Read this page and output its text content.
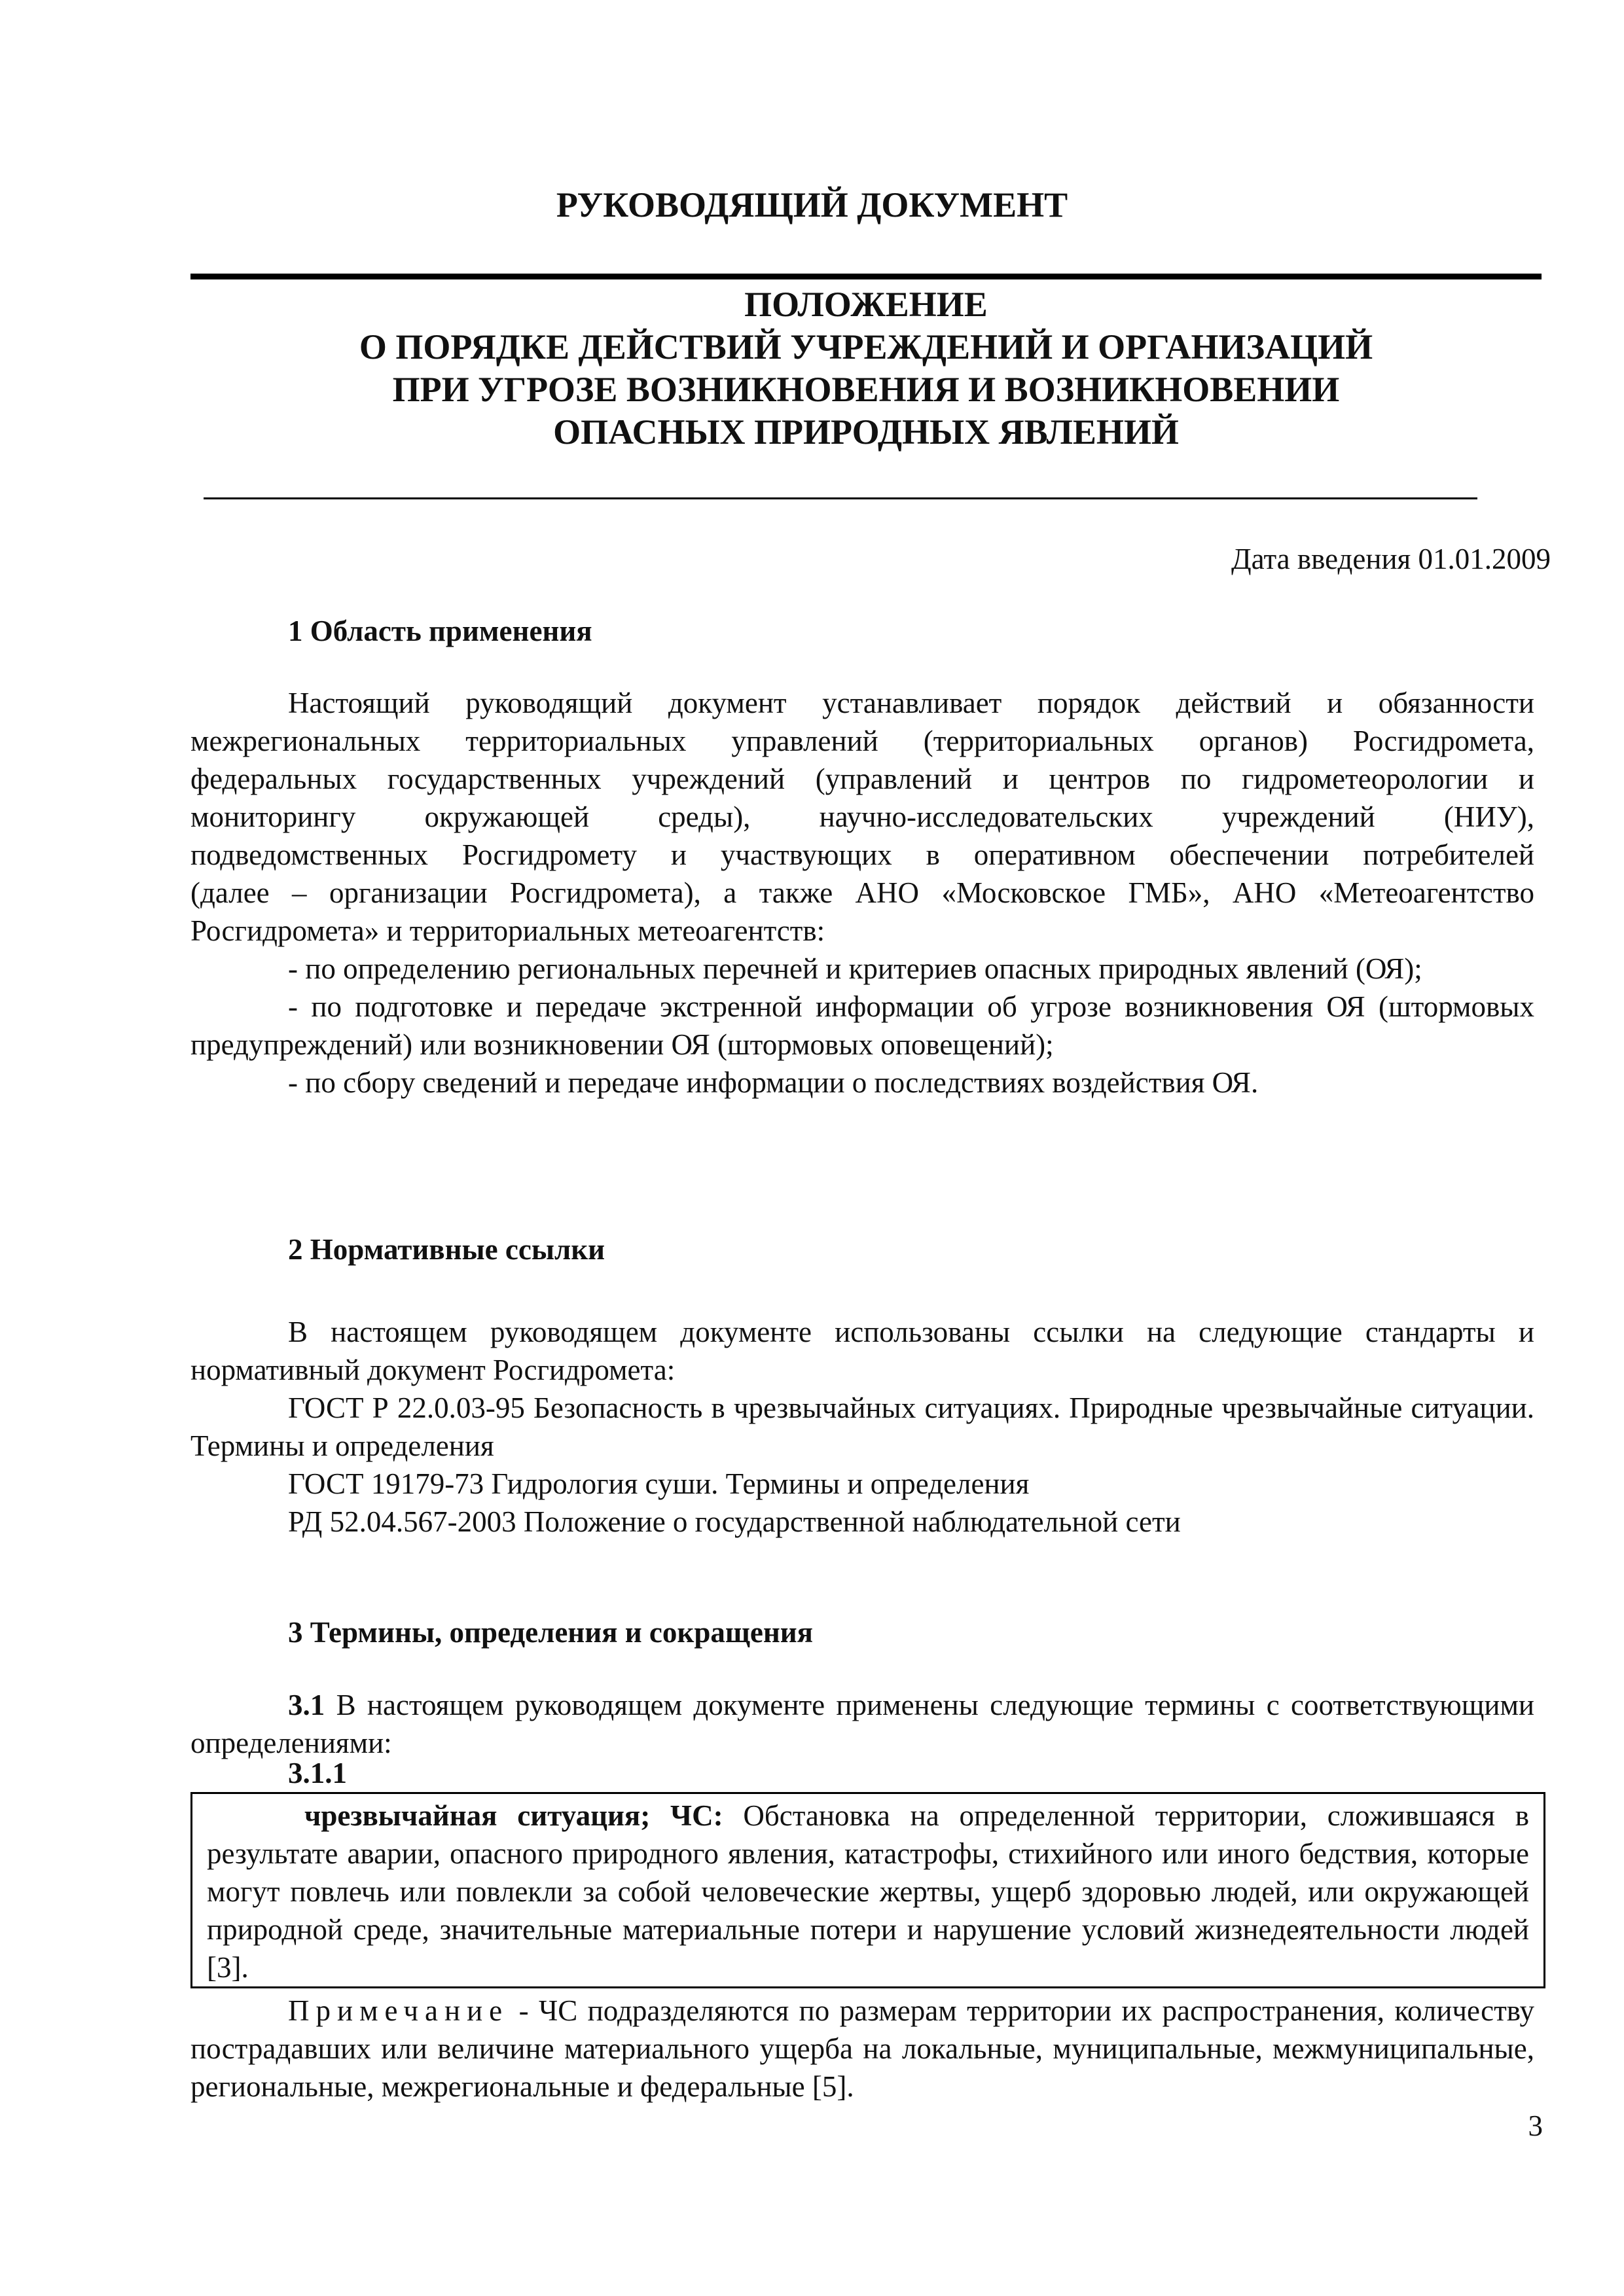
РУКОВОДЯЩИЙ ДОКУМЕНТ
ПОЛОЖЕНИЕ
О ПОРЯДКЕ ДЕЙСТВИЙ УЧРЕЖДЕНИЙ И ОРГАНИЗАЦИЙ
ПРИ УГРОЗЕ ВОЗНИКНОВЕНИЯ И ВОЗНИКНОВЕНИИ
ОПАСНЫХ ПРИРОДНЫХ ЯВЛЕНИЙ
Дата введения 01.01.2009
1 Область применения

Настоящий руководящий документ устанавливает порядок действий и обязанности

межрегиональных территориальных управлений (территориальных органов) Росгидромета,

федеральных государственных учреждений (управлений и центров по гидрометеорологии и

мониторингу окружающей среды), научно-исследовательских учреждений (НИУ),

подведомственных Росгидромету и участвующих в оперативном обеспечении потребителей

(далее – организации Росгидромета), а также АНО «Московское ГМБ», АНО «Метеоагентство

Росгидромета» и территориальных метеоагентств:

- по определению региональных перечней и критериев опасных природных явлений (ОЯ);

- по подготовке и передаче экстренной информации об угрозе возникновения ОЯ (штормовых предупреждений) или возникновении ОЯ (штормовых оповещений);

- по сбору сведений и передаче информации о последствиях воздействия ОЯ.

2 Нормативные ссылки

В настоящем руководящем документе использованы ссылки на следующие стандарты и нормативный документ Росгидромета:

ГОСТ Р 22.0.03-95 Безопасность в чрезвычайных ситуациях. Природные чрезвычайные ситуации. Термины и определения

ГОСТ 19179-73 Гидрология суши. Термины и определения

РД 52.04.567-2003 Положение о государственной наблюдательной сети

3 Термины, определения и сокращения

3.1 В настоящем руководящем документе применены следующие термины с соответствующими определениями:

3.1.1

чрезвычайная ситуация; ЧС: Обстановка на определенной территории, сложившаяся в результате аварии, опасного природного явления, катастрофы, стихийного или иного бедствия, которые могут повлечь или повлекли за собой человеческие жертвы, ущерб здоровью людей, или окружающей природной среде, значительные материальные потери и нарушение условий жизнедеятельности людей [3].

Примечание - ЧС подразделяются по размерам территории их распространения, количеству пострадавших или величине материального ущерба на локальные, муниципальные, межмуниципальные, региональные, межрегиональные и федеральные [5].

3
